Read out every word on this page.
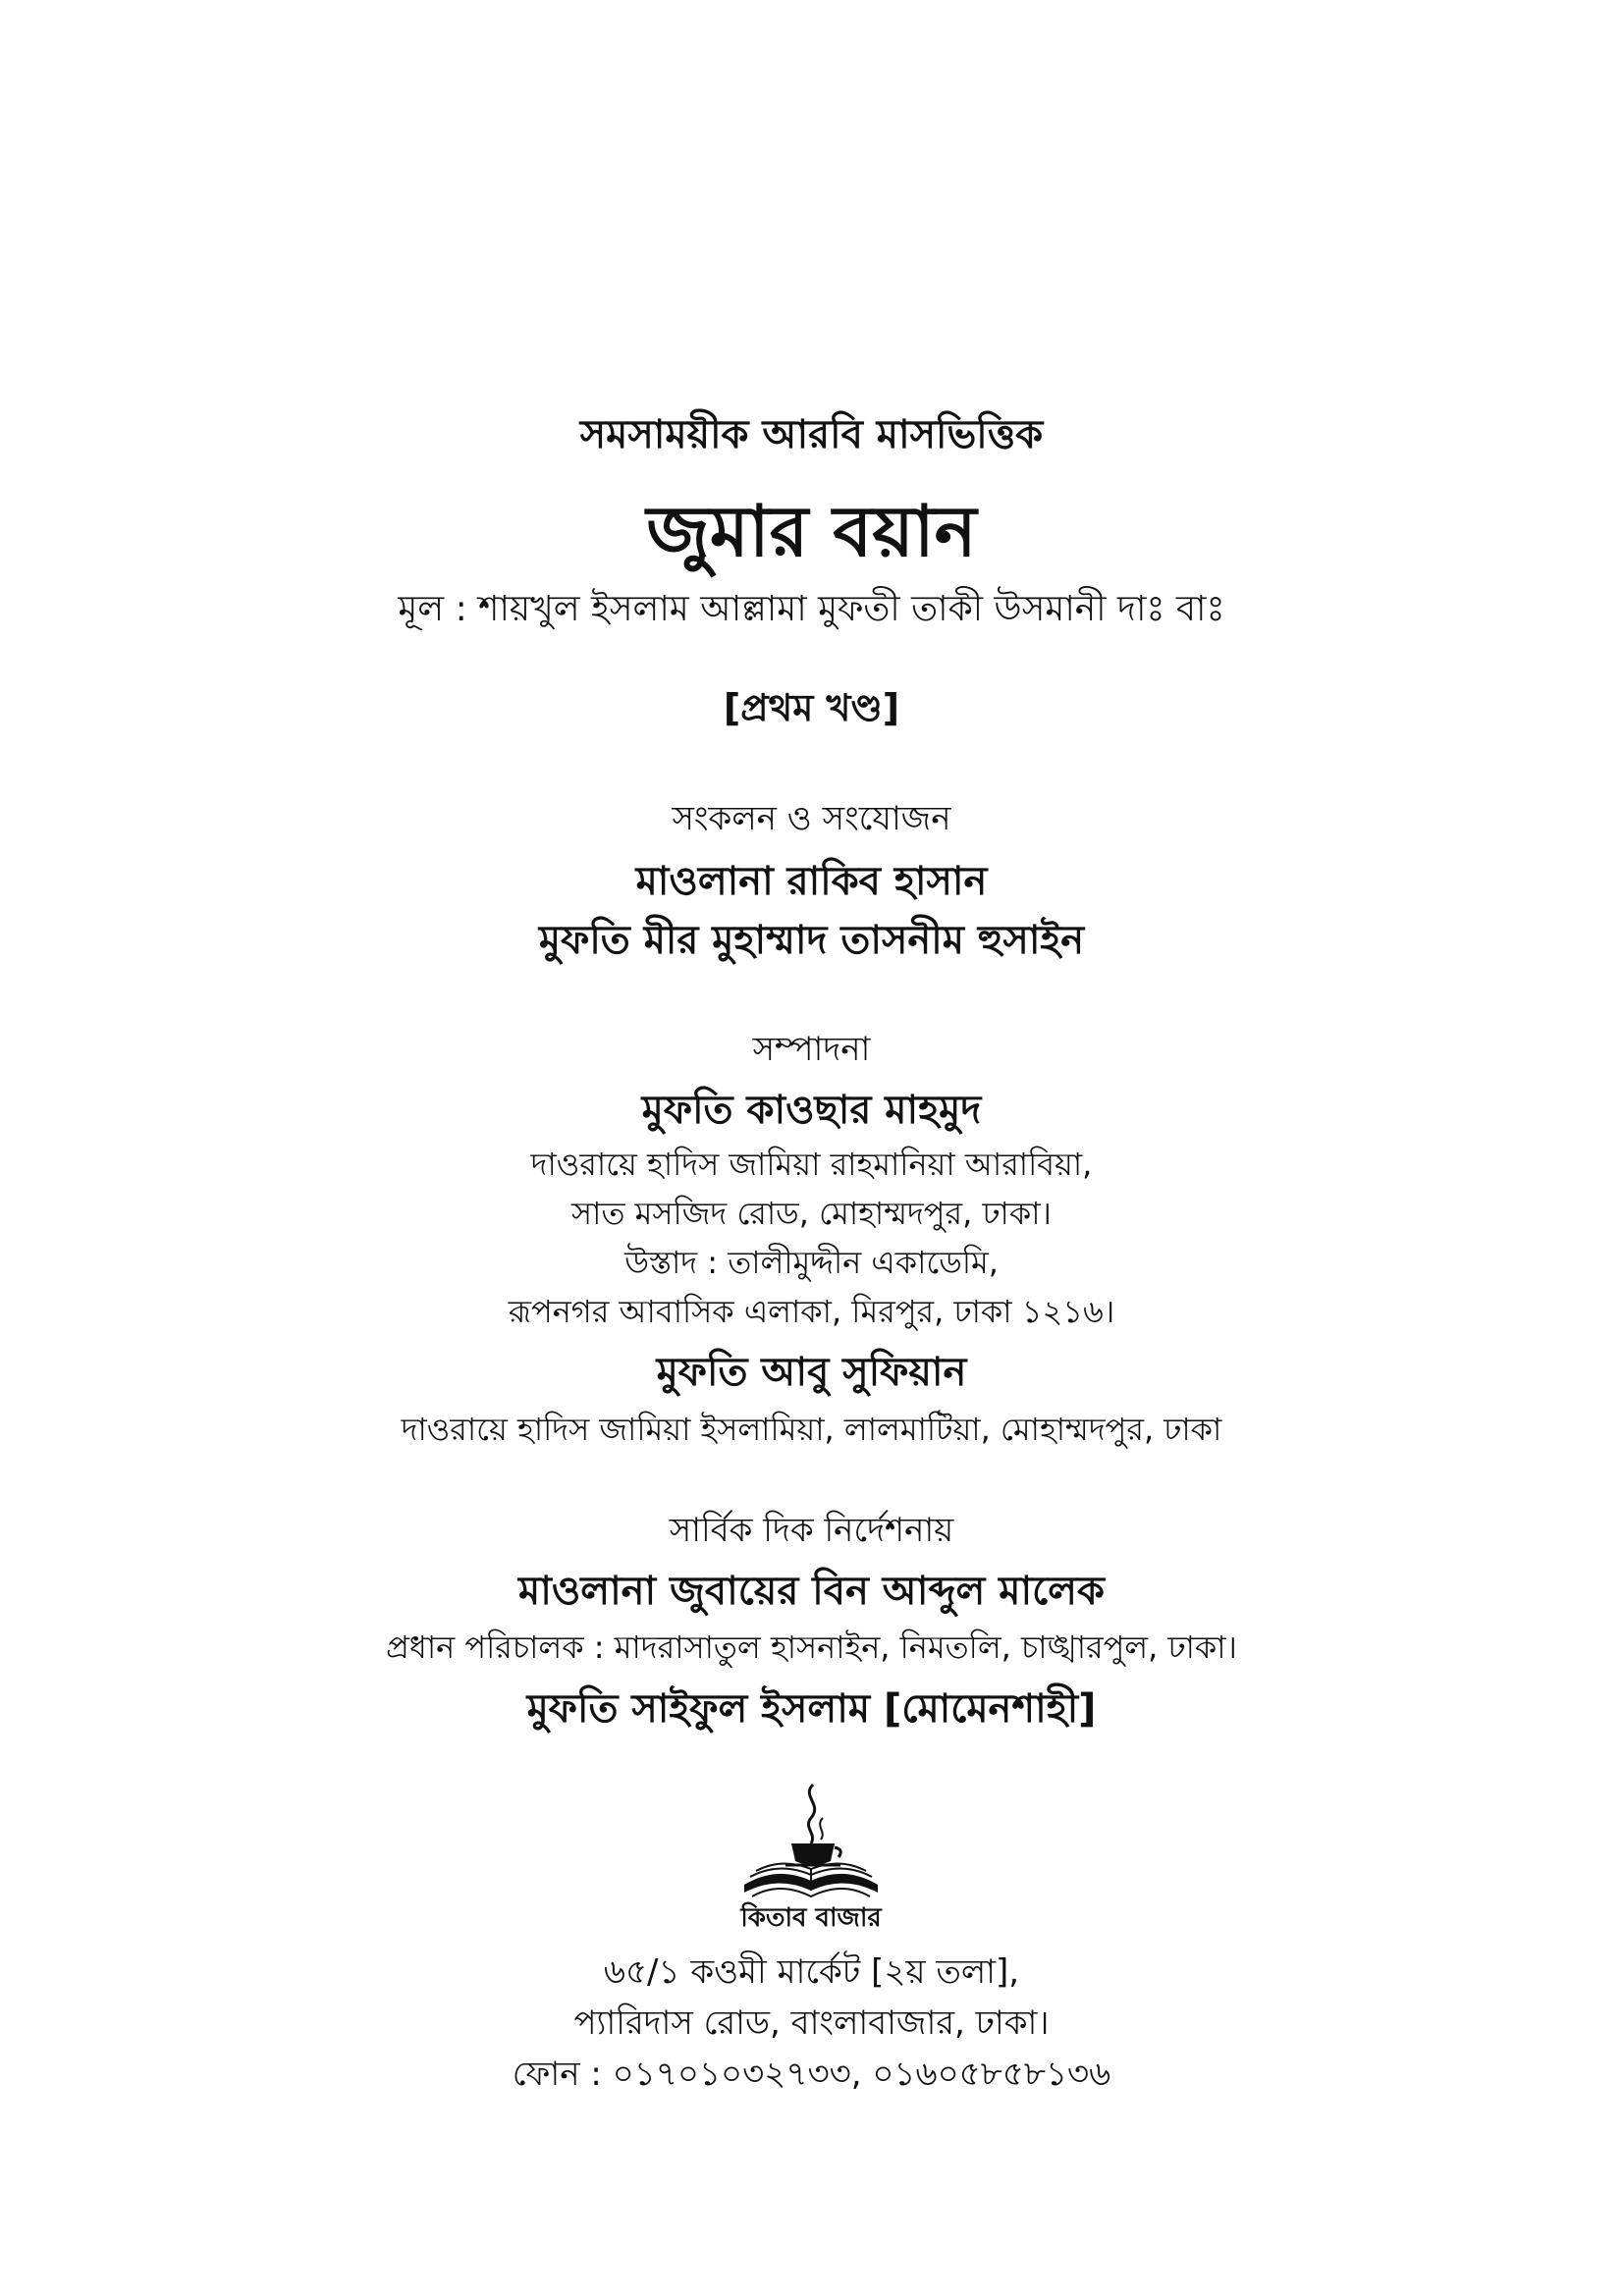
সমসাময়ীক আরবি মাসভিত্তিক
জুমার বয়ান
মূল : শায়খুল ইসলাম আল্লামা মুফতী তাকী উসমানী দাঃ বাঃ
[প্রথম খণ্ড]
সংকলন ও সংযোজন
মাওলানা রাকিব হাসান
মুফতি মীর মুহাম্মাদ তাসনীম হুসাইন
সম্পাদনা
মুফতি কাওছার মাহমুদ
দাওরায়ে হাদিস জামিয়া রাহমানিয়া আরাবিয়া,
সাত মসজিদ রোড, মোহাম্মদপুর, ঢাকা।
উস্তাদ : তালীমুদ্দীন একাডেমি,
রূপনগর আবাসিক এলাকা, মিরপুর, ঢাকা ১২১৬।
মুফতি আবু সুফিয়ান
দাওরায়ে হাদিস জামিয়া ইসলামিয়া, লালমাটিয়া, মোহাম্মদপুর, ঢাকা
সার্বিক দিক নির্দেশনায়
মাওলানা জুবায়ের বিন আব্দুল মালেক
প্রধান পরিচালক : মাদরাসাতুল হাসনাইন, নিমতলি, চাঙ্খারপুল, ঢাকা।
মুফতি সাইফুল ইসলাম [মোমেনশাহী]
কিতাব বাজার
৬৫/১ কওমী মার্কেট [২য় তলা],
প্যারিদাস রোড, বাংলাবাজার, ঢাকা।
ফোন : ০১৭০১০৩২৭৩৩, ০১৬০৫৮৫৮১৩৬
